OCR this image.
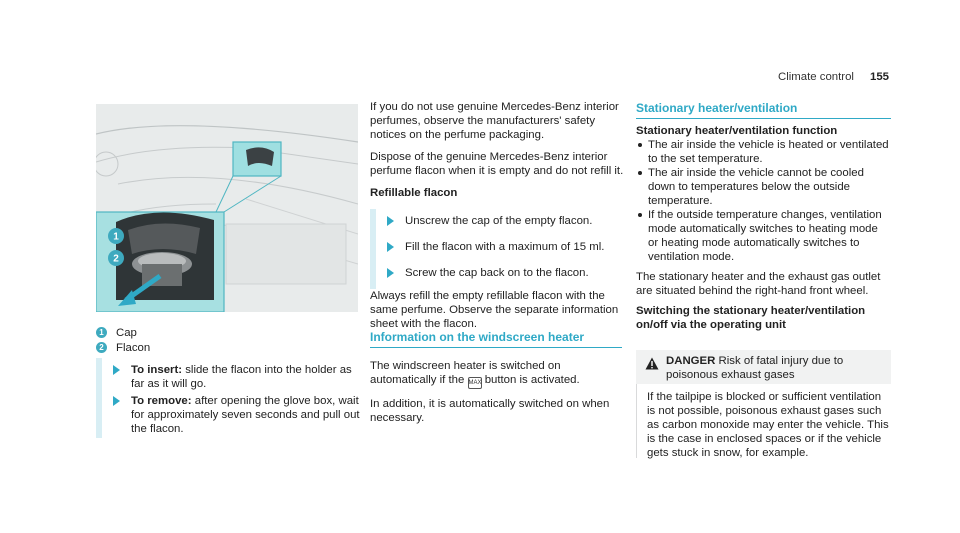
Climate control 155
1
2
1 Cap
2 Flacon
To insert: slide the flacon into the holder as far as it will go.
To remove: after opening the glove box, wait for approximately seven seconds and pull out the flacon.

If you do not use genuine Mercedes-Benz interior perfumes, observe the manufacturers' safety notices on the perfume packaging.

Dispose of the genuine Mercedes-Benz interior perfume flacon when it is empty and do not refill it.

Refillable flacon
Unscrew the cap of the empty flacon.
Fill the flacon with a maximum of 15 ml.
Screw the cap back on to the flacon.
Always refill the empty refillable flacon with the same perfume. Observe the separate information sheet with the flacon.
Information on the windscreen heater

The windscreen heater is switched on automatically if the MAX button is activated.

In addition, it is automatically switched on when necessary.

Stationary heater/ventilation

Stationary heater/ventilation function

The air inside the vehicle is heated or ventilated to the set temperature.
The air inside the vehicle cannot be cooled down to temperatures below the outside temperature.
If the outside temperature changes, ventilation mode automatically switches to heating mode or heating mode automatically switches to ventilation mode.

The stationary heater and the exhaust gas outlet are situated behind the right-hand front wheel.

Switching the stationary heater/ventilation on/off via the operating unit

DANGER Risk of fatal injury due to poisonous exhaust gases
If the tailpipe is blocked or sufficient ventilation is not possible, poisonous exhaust gases such as carbon monoxide may enter the vehicle. This is the case in enclosed spaces or if the vehicle gets stuck in snow, for example.
